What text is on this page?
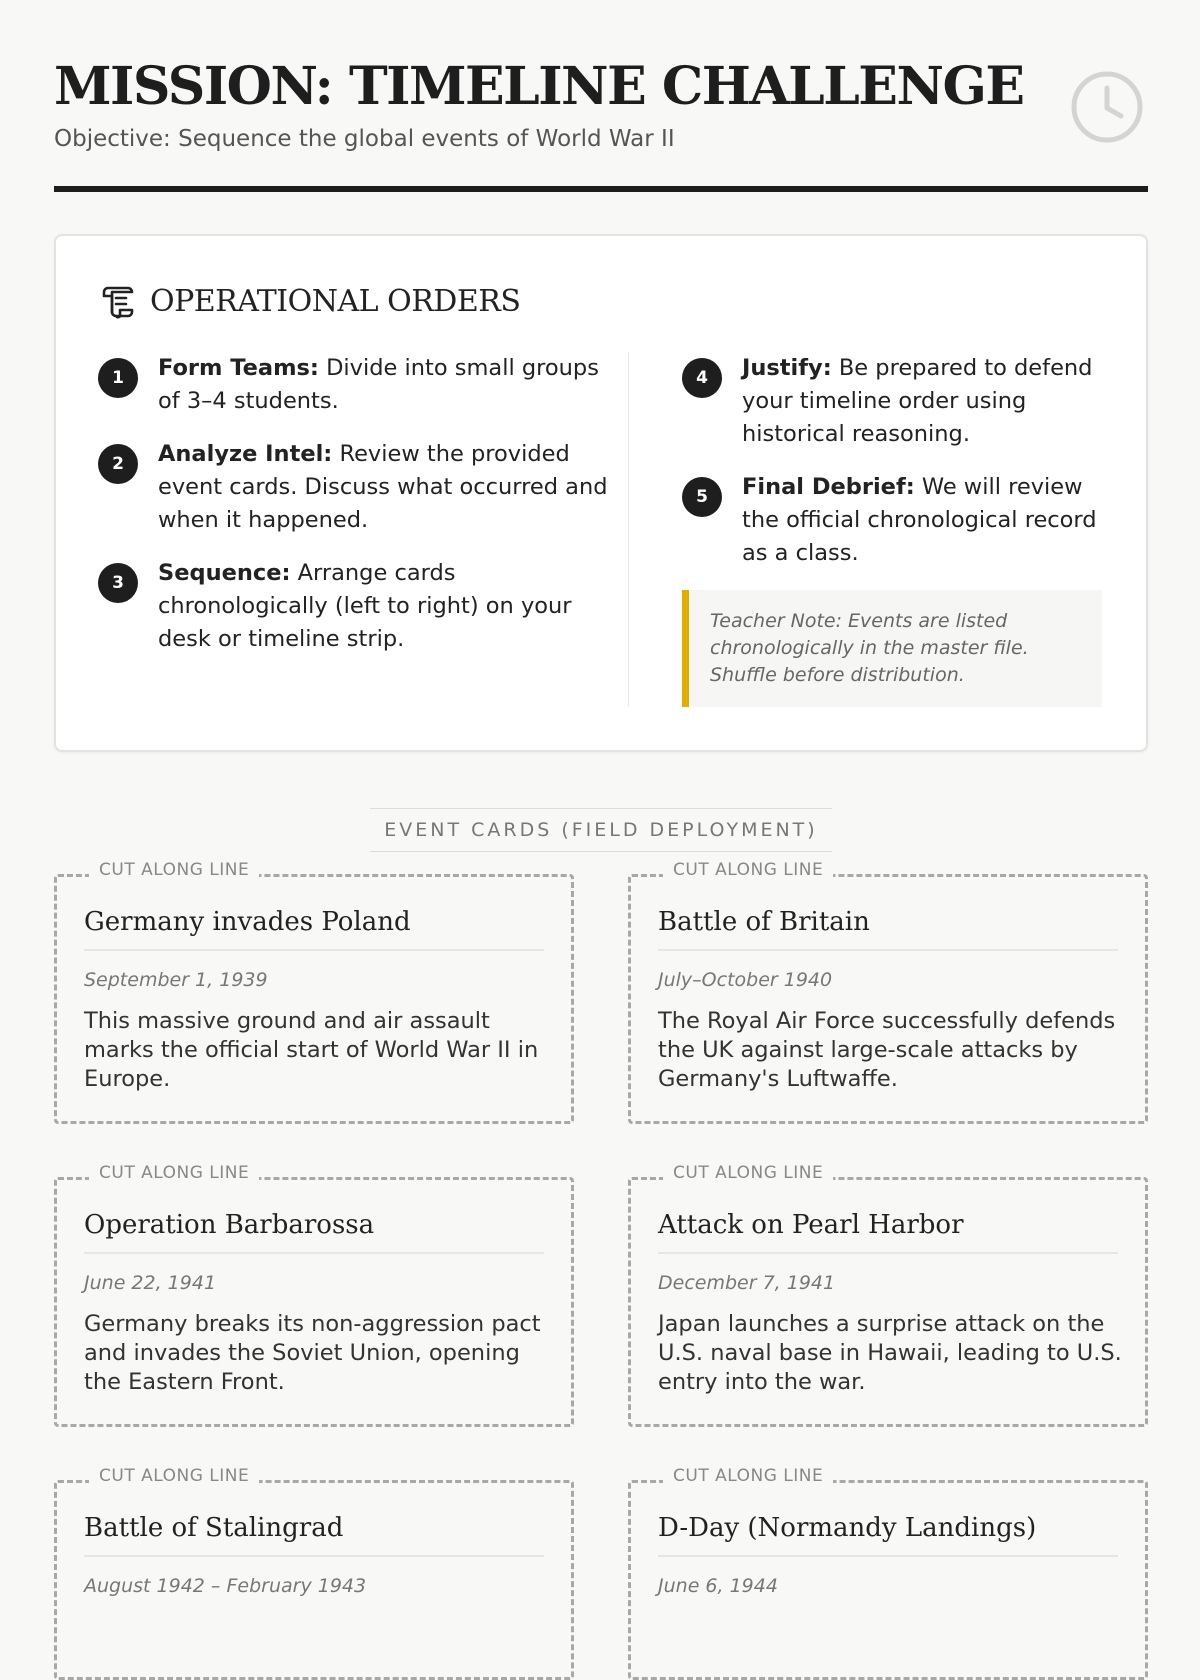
MISSION: TIMELINE CHALLENGE

Objective: Sequence the global events of World War II

OPERATIONAL ORDERS
1	Form Teams: Divide into small groups of 3–4 students.
2	Analyze Intel: Review the provided event cards. Discuss what occurred and when it happened.
3	Sequence: Arrange cards chronologically (left to right) on your desk or timeline strip.
4	Justify: Be prepared to defend your timeline order using historical reasoning.
5	Final Debrief: We will review the official chronological record as a class.
Teacher Note: Events are listed chronologically in the master file. Shuffle before distribution.
EVENT CARDS (FIELD DEPLOYMENT)
CUT ALONG LINE
Germany invades Poland
September 1, 1939
This massive ground and air assault marks the official start of World War II in Europe.
CUT ALONG LINE
Battle of Britain
July–October 1940
The Royal Air Force successfully defends the UK against large-scale attacks by Germany's Luftwaffe.
CUT ALONG LINE
Operation Barbarossa
June 22, 1941
Germany breaks its non-aggression pact and invades the Soviet Union, opening the Eastern Front.
CUT ALONG LINE
Attack on Pearl Harbor
December 7, 1941
Japan launches a surprise attack on the U.S. naval base in Hawaii, leading to U.S. entry into the war.
CUT ALONG LINE
Battle of Stalingrad
August 1942 – February 1943
CUT ALONG LINE
D-Day (Normandy Landings)
June 6, 1944
